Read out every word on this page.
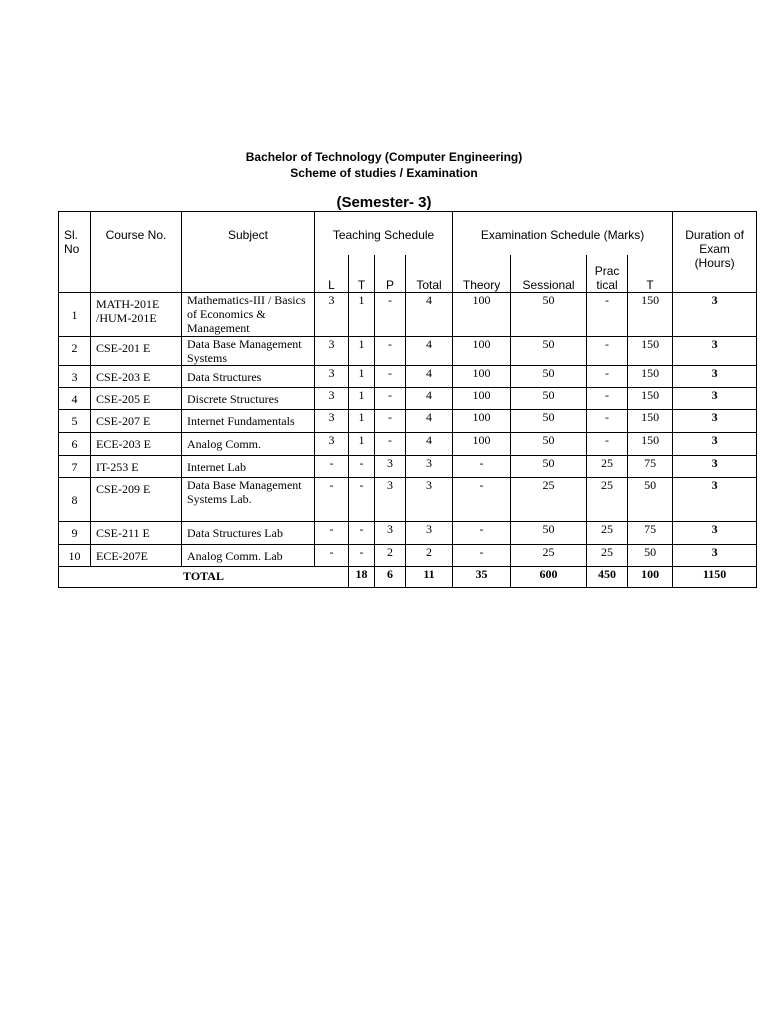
Bachelor of Technology (Computer Engineering)
Scheme of studies / Examination
(Semester- 3)
Sl. No	Course No.	Subject	Teaching Schedule				Examination Schedule (Marks)				Duration of Exam (Hours)	
			L	T	P	Total	Theory	Sessional	Prac tical	T		
1	MATH-201E /HUM-201E	Mathematics-III / Basics of Economics & Management	3	1	-	4	100	50	-	150	3	
2	CSE-201 E	Data Base Management Systems	3	1	-	4	100	50	-	150	3	
3	CSE-203 E	Data Structures	3	1	-	4	100	50	-	150	3	
4	CSE-205 E	Discrete Structures	3	1	-	4	100	50	-	150	3	
5	CSE-207 E	Internet Fundamentals	3	1	-	4	100	50	-	150	3	
6	ECE-203 E	Analog Comm.	3	1	-	4	100	50	-	150	3	
7	IT-253 E	Internet Lab	-	-	3	3	-	50	25	75	3	
8	CSE-209 E	Data Base Management Systems Lab.	-	-	3	3	-	25	25	50	3	
9	CSE-211 E	Data Structures Lab	-	-	3	3	-	50	25	75	3	
10	ECE-207E	Analog Comm. Lab	-	-	2	2	-	25	25	50	3	
TOTAL				18	6	11	35	600	450	100	1150	
